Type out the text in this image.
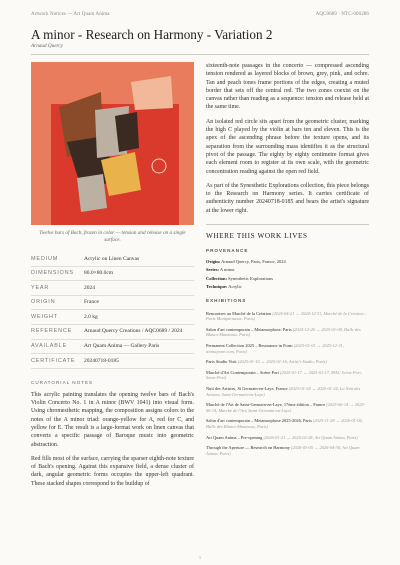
Artwork Notices — Art Quam Anima	AQC0689 · NTC-000286
A minor - Research on Harmony - Variation 2
Arnaud Quercy
Twelve bars of Bach, frozen in color — tension and release on a single surface.
MEDIUM	Acrylic on Linen Canvas
DIMENSIONS	80.0×80.0cm
YEAR	2024
ORIGIN	France
WEIGHT	2.0 kg
REFERENCE	Arnaud Quercy Creations / AQC0689 / 2024
AVAILABLE	Art Quam Anima — Gallery Paris
CERTIFICATE	20240718-0185
CURATORIAL NOTES

This acrylic painting translates the opening twelve bars of Bach's Violin Concerto No. 1 in A minor (BWV 1041) into visual form. Using chromesthetic mapping, the composition assigns colors to the notes of the A minor triad: orange-yellow for A, red for C, and yellow for E. The result is a large-format work on linen canvas that converts a specific passage of Baroque music into geometric abstraction.

Red fills most of the surface, carrying the sparser eighth-note texture of Bach's opening. Against this expansive field, a dense cluster of dark, angular geometric forms occupies the upper-left quadrant. These stacked shapes correspond to the buildup of

sixteenth-note passages in the concerto — compressed ascending tension rendered as layered blocks of brown, grey, pink, and ochre. Tan and peach tones frame portions of the edges, creating a muted border that sets off the central red. The two zones coexist on the canvas rather than reading as a sequence: tension and release held at the same time.

An isolated red circle sits apart from the geometric cluster, marking the high C played by the violin at bars ten and eleven. This is the apex of the ascending phrase before the texture opens, and its separation from the surrounding mass identifies it as the structural pivot of the passage. The eighty by eighty centimetre format gives each element room to register at its own scale, with the geometric concentration reading against the open red field.

As part of the Synesthetic Explorations collection, this piece belongs to the Research on Harmony series. It carries certificate of authenticity number 20240718-0185 and bears the artist's signature at the lower right.

WHERE THIS WORK LIVES
PROVENANCE
Origin: Arnaud Quercy, Paris, France, 2024
Series: A minor
Collection: Synesthetic Explorations
Technique: Acrylic
EXHIBITIONS
Rencontres au Marché de la Création (2024-04-21 → 2024-12-31, Marché de la Création – Paris Montparnasse, Paris)
Salon d'art contemporain – Metamorphose, Paris (2024-12-26 → 2025-01-08, Halle des Blancs-Manteaux, Paris)
Permanent Collection 2025 – Resonance in Form (2025-01-01 → 2025-12-31, artmajeure.com, Paris)
Paris Studio Visit (2025-01-10 → 2025-01-16, Artist's Studio, Paris)
Marché d'Art Contemporain – Scène Port (2025-01-17 → 2025-01-17, MAC Scène Port, Seine-Port)
Nuit des Artistes, St Germain-en-Laye, France (2025-01-24 → 2025-01-24, La Nuit des Artistes, Saint-Germain-en-Laye)
Marché de l'Art de Saint-Germain-en-Laye, 17ème édition – France (2025-06-14 → 2025-06-14, Marché de l'Art, Saint-Germain-en-Laye)
Salon d'art contemporain – Metamorphose 2025-2026, Paris (2025-11-28 → 2026-01-04, Halle des Blancs-Manteaux, Paris)
Art Quam Anima – Pre-opening (2026-01-21 → 2026-02-28, Art Quam Anima, Paris)
Through the Aperture — Research on Harmony (2026-03-05 → 2026-04-30, Art Quam Anima, Paris)
1
